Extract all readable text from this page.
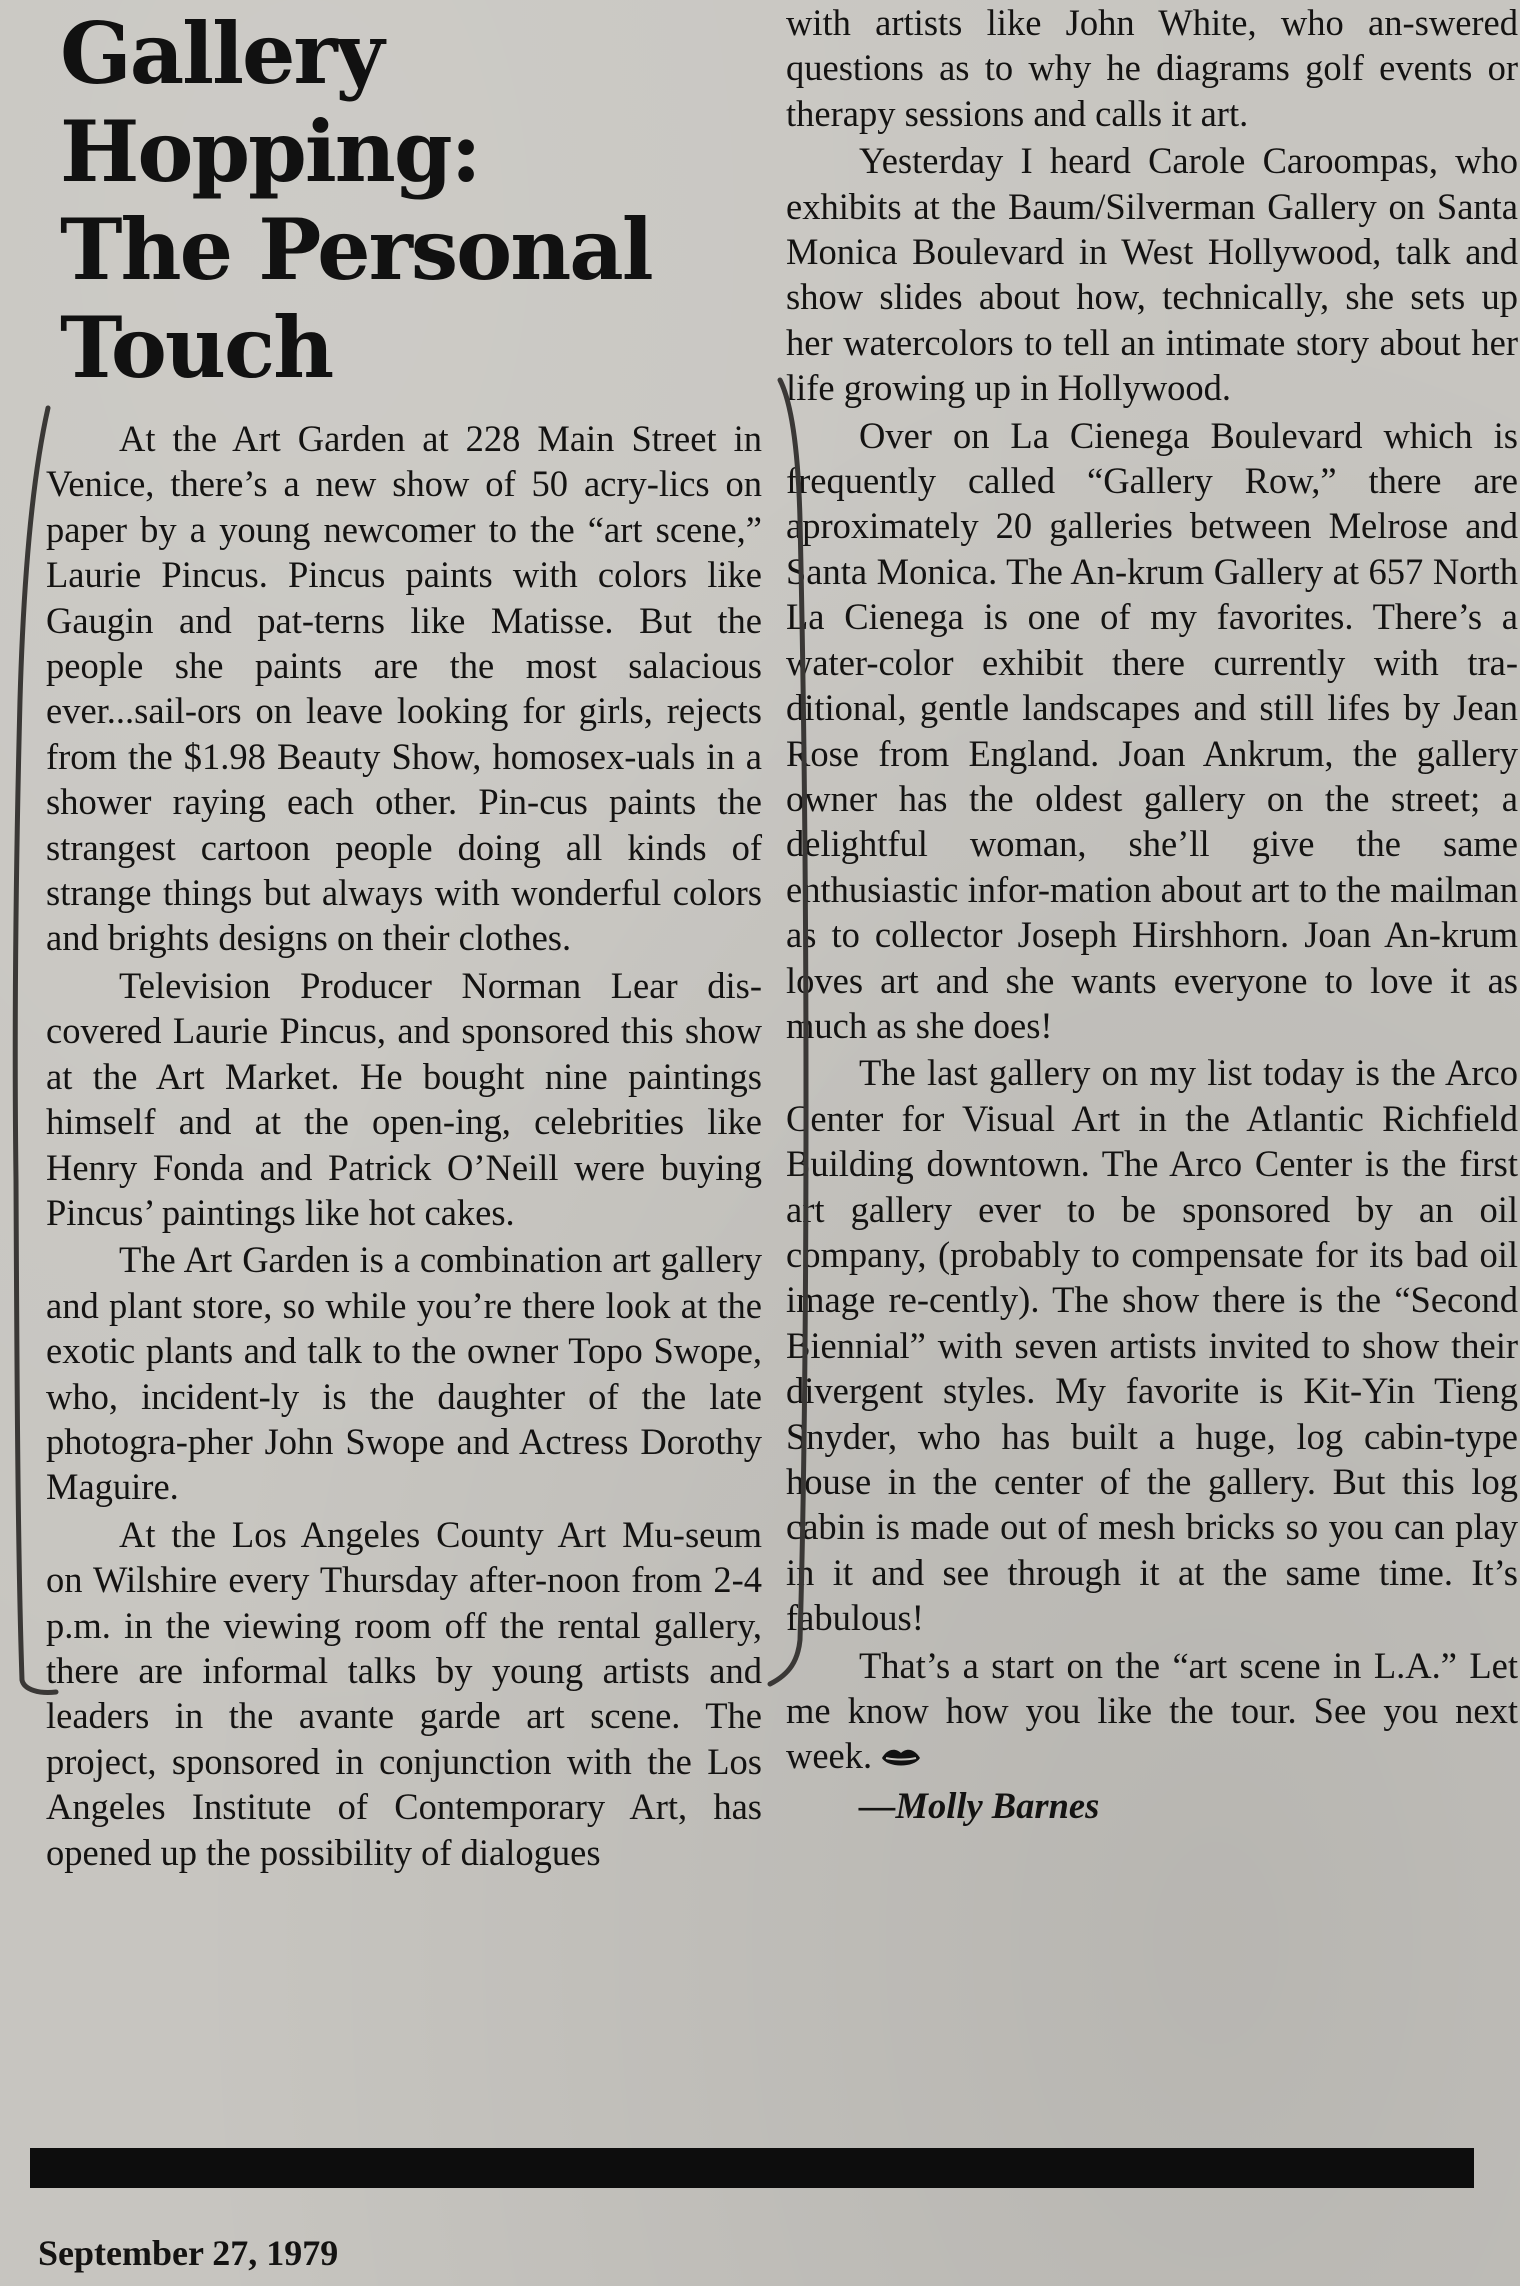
Gallery
Hopping:
The Personal
Touch

At the Art Garden at 228 Main Street in Venice, there’s a new show of 50 acry-lics on paper by a young newcomer to the “art scene,” Laurie Pincus. Pincus paints with colors like Gaugin and pat-terns like Matisse. But the people she paints are the most salacious ever...sail-ors on leave looking for girls, rejects from the $1.98 Beauty Show, homosex-uals in a shower raying each other. Pin-cus paints the strangest cartoon people doing all kinds of strange things but always with wonderful colors and brights designs on their clothes.

Television Producer Norman Lear dis-covered Laurie Pincus, and sponsored this show at the Art Market. He bought nine paintings himself and at the open-ing, celebrities like Henry Fonda and Patrick O’Neill were buying Pincus’ paintings like hot cakes.

The Art Garden is a combination art gallery and plant store, so while you’re there look at the exotic plants and talk to the owner Topo Swope, who, incident-ly is the daughter of the late photogra-pher John Swope and Actress Dorothy Maguire.

At the Los Angeles County Art Mu-seum on Wilshire every Thursday after-noon from 2-4 p.m. in the viewing room off the rental gallery, there are informal talks by young artists and leaders in the avante garde art scene. The project, sponsored in conjunction with the Los Angeles Institute of Contemporary Art, has opened up the possibility of dialogues

with artists like John White, who an-swered questions as to why he diagrams golf events or therapy sessions and calls it art.

Yesterday I heard Carole Caroompas, who exhibits at the Baum/Silverman Gallery on Santa Monica Boulevard in West Hollywood, talk and show slides about how, technically, she sets up her watercolors to tell an intimate story about her life growing up in Hollywood.

Over on La Cienega Boulevard which is frequently called “Gallery Row,” there are aproximately 20 galleries between Melrose and Santa Monica. The An-krum Gallery at 657 North La Cienega is one of my favorites. There’s a water-color exhibit there currently with tra-ditional, gentle landscapes and still lifes by Jean Rose from England. Joan Ankrum, the gallery owner has the oldest gallery on the street; a delightful woman, she’ll give the same enthusiastic infor-mation about art to the mailman as to collector Joseph Hirshhorn. Joan An-krum loves art and she wants everyone to love it as much as she does!

The last gallery on my list today is the Arco Center for Visual Art in the Atlantic Richfield Building downtown. The Arco Center is the first art gallery ever to be sponsored by an oil company, (probably to compensate for its bad oil image re-cently). The show there is the “Second Biennial” with seven artists invited to show their divergent styles. My favorite is Kit-Yin Tieng Snyder, who has built a huge, log cabin-type house in the center of the gallery. But this log cabin is made out of mesh bricks so you can play in it and see through it at the same time. It’s fabulous!

That’s a start on the “art scene in L.A.” Let me know how you like the tour. See you next week.

—Molly Barnes

September 27, 1979
